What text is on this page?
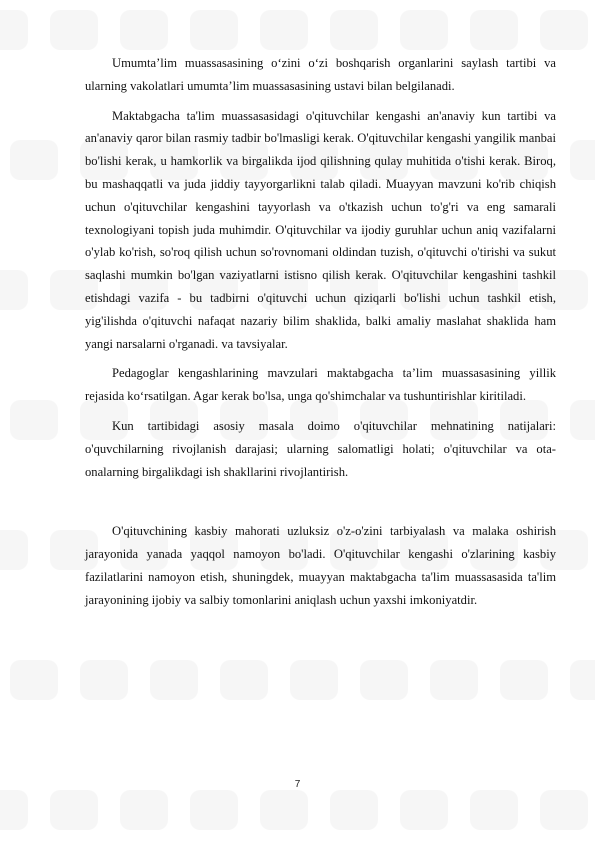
Umumta’lim muassasasining o‘zini o‘zi boshqarish organlarini saylash tartibi va ularning vakolatlari umumta’lim muassasasining ustavi bilan belgilanadi.

Maktabgacha ta'lim muassasasidagi o'qituvchilar kengashi an'anaviy kun tartibi va an'anaviy qaror bilan rasmiy tadbir bo'lmasligi kerak. O'qituvchilar kengashi yangilik manbai bo'lishi kerak, u hamkorlik va birgalikda ijod qilishning qulay muhitida o'tishi kerak. Biroq, bu mashaqqatli va juda jiddiy tayyorgarlikni talab qiladi. Muayyan mavzuni ko'rib chiqish uchun o'qituvchilar kengashini tayyorlash va o'tkazish uchun to'g'ri va eng samarali texnologiyani topish juda muhimdir. O'qituvchilar va ijodiy guruhlar uchun aniq vazifalarni o'ylab ko'rish, so'roq qilish uchun so'rovnomani oldindan tuzish, o'qituvchi o'tirishi va sukut saqlashi mumkin bo'lgan vaziyatlarni istisno qilish kerak. O'qituvchilar kengashini tashkil etishdagi vazifa - bu tadbirni o'qituvchi uchun qiziqarli bo'lishi uchun tashkil etish, yig'ilishda o'qituvchi nafaqat nazariy bilim shaklida, balki amaliy maslahat shaklida ham yangi narsalarni o'rganadi. va tavsiyalar.

Pedagoglar kengashlarining mavzulari maktabgacha ta’lim muassasasining yillik rejasida ko‘rsatilgan. Agar kerak bo'lsa, unga qo'shimchalar va tushuntirishlar kiritiladi.

Kun tartibidagi asosiy masala doimo o'qituvchilar mehnatining natijalari: o'quvchilarning rivojlanish darajasi; ularning salomatligi holati; o'qituvchilar va ota-onalarning birgalikdagi ish shakllarini rivojlantirish.

O'qituvchining kasbiy mahorati uzluksiz o'z-o'zini tarbiyalash va malaka oshirish jarayonida yanada yaqqol namoyon bo'ladi. O'qituvchilar kengashi o'zlarining kasbiy fazilatlarini namoyon etish, shuningdek, muayyan maktabgacha ta'lim muassasasida ta'lim jarayonining ijobiy va salbiy tomonlarini aniqlash uchun yaxshi imkoniyatdir.

7
